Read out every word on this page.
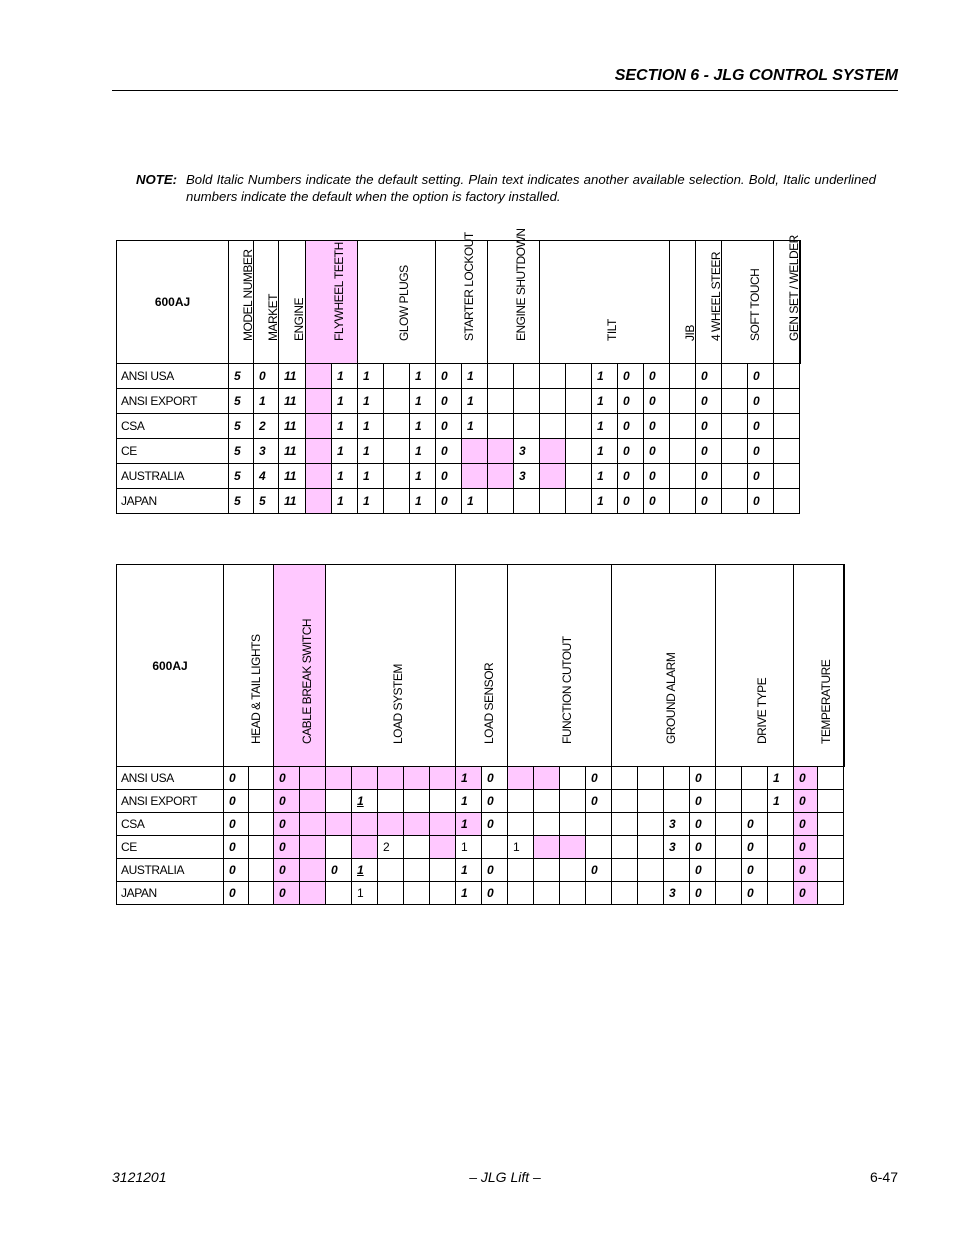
SECTION 6 - JLG CONTROL SYSTEM
NOTE: Bold Italic Numbers indicate the default setting. Plain text indicates another available selection. Bold, Italic underlined numbers indicate the default when the option is factory installed.
600AJ	MODEL NUMBER	MARKET	ENGINE	FLYWHEEL TEETH		GLOW PLUGS			STARTER LOCKOUT		ENGINE SHUTDOWN		TILT					JIB	4 WHEEL STEER	SOFT TOUCH		GEN SET / WELDER

ANSI USA	5	0	11		1	1		1	0	1					1	0	0		0		0		
ANSI EXPORT	5	1	11		1	1		1	0	1					1	0	0		0		0		
CSA	5	2	11		1	1		1	0	1					1	0	0		0		0		
CE	5	3	11		1	1		1	0			3			1	0	0		0		0		
AUSTRALIA	5	4	11		1	1		1	0			3			1	0	0		0		0		
JAPAN	5	5	11		1	1		1	0	1					1	0	0		0		0		
600AJ	HEAD & TAIL LIGHTS		CABLE BREAK SWITCH		LOAD SYSTEM					LOAD SENSOR		FUNCTION CUTOUT				GROUND ALARM				DRIVE TYPE			TEMPERATURE

ANSI USA	0		0							1	0				0				0			1	0		
ANSI EXPORT	0		0			1				1	0				0				0			1	0		
CSA	0		0							1	0							3	0		0		0		
CE	0		0				2			1		1						3	0		0		0		
AUSTRALIA	0		0		0	1				1	0				0				0		0		0		
JAPAN	0		0			1				1	0							3	0		0		0		
3121201	– JLG Lift –	6-47
